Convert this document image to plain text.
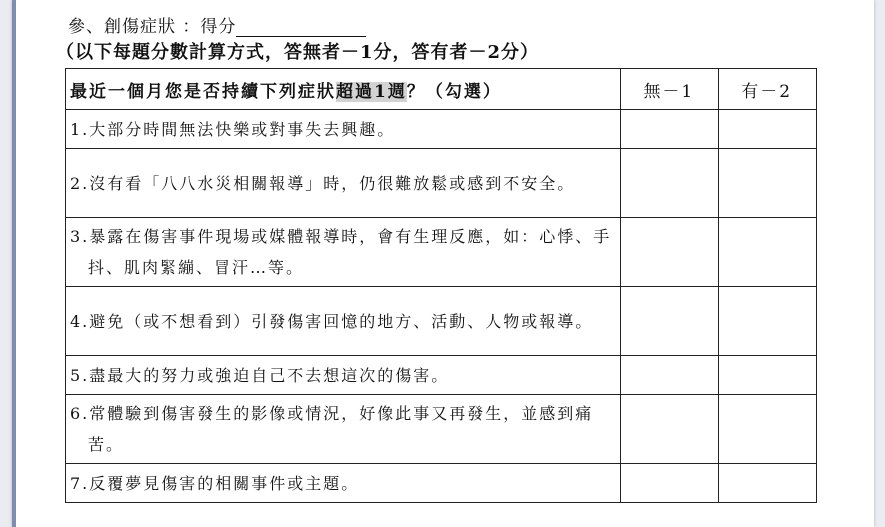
參、創傷症狀 ：得分
（以下每題分數計算方式，答無者－1分，答有者－2分）
最近一個月您是否持續下列症狀超過1週？（勾選）	無－1	有－2

1.大部分時間無法快樂或對事失去興趣。		

2.沒有看「八八水災相關報導」時，仍很難放鬆或感到不安全。		

3.暴露在傷害事件現場或媒體報導時，會有生理反應，如：心悸、手抖、肌肉緊繃、冒汗…等。		

4.避免（或不想看到）引發傷害回憶的地方、活動、人物或報導。		

5.盡最大的努力或強迫自己不去想這次的傷害。		

6.常體驗到傷害發生的影像或情況，好像此事又再發生，並感到痛苦。		

7.反覆夢見傷害的相關事件或主題。		
